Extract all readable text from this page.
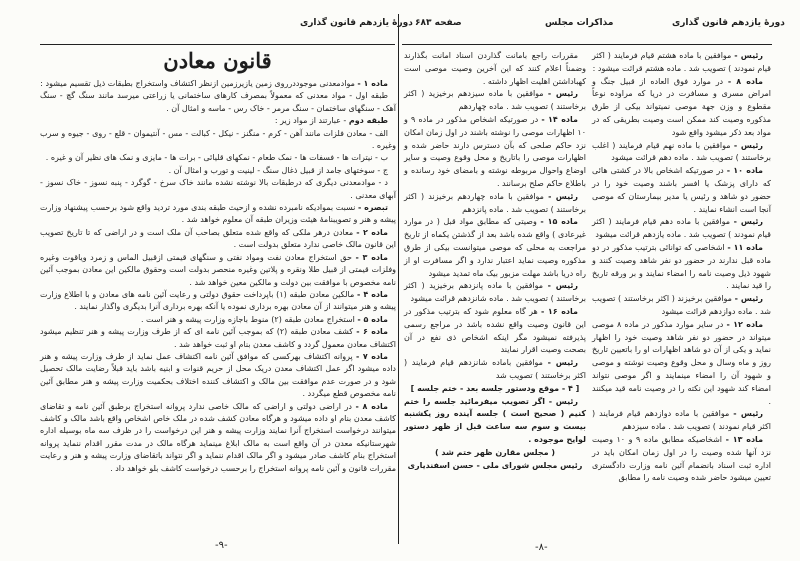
دورهٔ یازدهم قانون گذاری
قانون معادن

ماده ۱ - موادمعدنی موجوددرروی زمین یازیرزمین ازنظر اکتشاف واستخراج بطبقات ذیل تقسیم میشود :

طبقه اول - مواد معدنی که معمولاً بمصرف کارهای ساختمانی یا زراعتی میرسد مانند سنگ گچ - سنگ آهک - سنگهای ساختمان - سنگ مرمر - خاک رس - ماسه و امثال آن .

طبقه دوم - عبارتند از مواد زیر :

الف - معادن فلزات مانند آهن - کرم - منگنز - نیکل - کبالت - مس - آنتیموان - قلع - روی - جیوه و سرب وغیره .

ب - نیترات ها - فسفات ها - نمک طعام - نمکهای قلیائی - برات ها - مایزی و نمک های نظیر آن و غیره .

ج - سوختهای جامد از قبیل ذغال سنگ - لینیت و تورب و امثال آن .

د - موادمعدنی دیگری که درطبقات بالا نوشته نشده مانند خاک سرخ - گوگرد - پنبه نسوز - خاک نسوز - آبهای معدنی .

تبصره - نسبت بموادیکه نامبرده نشده و ازحیث طبقه بندی مورد تردید واقع شود برحسب پیشنهاد وزارت پیشه و هنر و تصویبنامهٔ هیئت وزیران طبقه آن معلوم خواهد شد .

ماده ۲ - معادن درهر ملکی که واقع شده متعلق بصاحب آن ملک است و در اراضی که تا تاریخ تصویب این قانون مالک خاصی ندارد متعلق بدولت است .

ماده ۳ - حق استخراج معادن نفت ومواد نفتی و سنگهای قیمتی ازقبیل الماس و زمرد ویاقوت وغیره وفلزات قیمتی از قبیل طلا ونقره و پلاتین وغیره منحصر بدولت است وحقوق مالکین این معادن بموجب آئین نامه مخصوص با موافقت بین دولت و مالکین معین خواهد شد .

ماده ۴ - مالکین معادن طبقه (۱) باپرداخت حقوق دولتی و رعایت آئین نامه های معادن و با اطلاع وزارت پیشه و هنر میتوانند از آن معادن بهره برداری نموده یا آنکه بهره برداری آنرا بدیگری واگذار نمایند .

ماده ۵ - استخراج معادن طبقه (۲) منوط باجازه وزارت پیشه و هنر است .

ماده ۶ - کشف معادن طبقه (۲) که بموجب آئین نامه ای که از طرف وزارت پیشه و هنر تنظیم میشود اکتشاف معادن معمول گردد و کاشف معدن بنام او ثبت خواهد شد .

ماده ۷ - پروانه اکتشاف بهرکسی که موافق آئین نامه اکتشاف عمل نماید از طرف وزارت پیشه و هنر داده میشود اگر عمل اکتشاف معدن دریک محل از حریم قنوات و ابنیه باشد باید قبلاً رضایت مالک تحصیل شود و در صورت عدم موافقت بین مالک و اکتشاف کننده اختلاف بحکمیت وزارت پیشه و هنر مطابق آئین نامه مخصوص قطع میگردد .

ماده ۸ - در اراضی دولتی و اراضی که مالک خاصی ندارد پروانه استخراج برطبق آئین نامه و تقاضای کاشف معدن بنام او داده میشود و هرگاه معادن کشف شده در ملک خاص اشخاص واقع باشد مالک و کاشف میتوانند درخواست استخراج آنرا نمایند وزارت پیشه و هنر این درخواست را در ظرف سه ماه بوسیله اداره شهرستانیکه معدن در آن واقع است به مالک ابلاغ مینماید هرگاه مالک در مدت مقرر اقدام ننماید پروانه استخراج بنام کاشف صادر میشود و اگر مالک اقدام ننماید و اگر نتواند باتقاضای وزارت پیشه و هنر و رعایت مقررات قانون و آئین نامه پروانه استخراج را برحسب درخواست کاشف بلو خواهد داد .

-۹-
صفحه ۶۸۳	مذاکرات مجلس	دورهٔ یازدهم قانون گذاری

رئیس - موافقین با ماده هشتم قیام فرمایند ( اکثر قیام نمودند ) تصویب شد . ماده هشتم قرائت میشود :

ماده ۸ - در موارد فوق العاده از قبیل جنگ و امراض مسری و مسافرت در دریا که مراوده نوعاً مقطوع و وزن جهة موصی نمیتواند بیکی از طرق مذکوره وصیت کند ممکن است وصیت بطریقی که در مواد بعد ذکر میشود واقع شود

رئیس - موافقین با ماده نهم قیام فرمایند ( اغلب برخاستند ) تصویب شد . ماده دهم قرائت میشود

ماده ۱۰ - در صورتیکه اشخاص بالا در کشتی هائی که دارای پزشک یا افسر باشند وصیت خود را در حضور دو شاهد و رئیس یا مدیر بیمارستان که موصی آنجا است انشاء نمایند .

رئیس - موافقین با ماده دهم قیام فرمایند ( اکثر قیام نمودند ) تصویب شد . ماده یازدهم قرائت میشود

ماده ۱۱ - اشخاصی که توانائی بترتیب مذکور در دو ماده قبل ندارند در حضور دو نفر شاهد وصیت کنند و شهود ذیل وصیت نامه را امضاء نمایند و بر ورقه تاریخ را قید نمایند .

رئیس - موافقین برخیزند ( اکثر برخاستند ) تصویب شد . ماده دوازدهم قرائت میشود

ماده ۱۲ - در سایر موارد مذکور در ماده ۸ موصی میتواند در حضور دو نفر شاهد وصیت خود را اظهار نماید و یکی از آن دو شاهد اظهارات او را باتعیین تاریخ روز و ماه وسال و محل وقوع وصیت نوشته و موصی و شهود آن را امضاء مینمایند و اگر موصی نتواند امضاء کند شهود این نکته را در وصیت نامه قید میکنند .

رئیس - موافقین با ماده دوازدهم قیام فرمایند ( اکثر قیام نمودند ) تصویب شد . ماده سیزدهم

ماده ۱۳ - اشخاصیکه مطابق ماده ۹ و ۱۰ وصیت نزد آنها شده وصیت را در اول زمان امکان باید در اداره ثبت اسناد بانضمام آئین نامه وزارت دادگستری تعیین میشود حاضر شده وصیت نامه را مطابق

مقررات راجع بامانت گذاردن اسناد امانت بگذارند وضمناً اعلام کنند که این آخرین وصیت موصی است کهباداشتن اهلیت اظهار داشته .

رئیس - موافقین با ماده سیزدهم برخیزید ( اکثر برخاستند ) تصویب شد . ماده چهاردهم

ماده ۱۴ - در صورتیکه اشخاص مذکور در ماده ۹ و ۱۰ اظهارات موصی را نوشته باشند در اول زمان امکان نزد حاکم صلحی که بآن دسترس دارند حاضر شده و اظهارات موصی را باتاریخ و محل وقوع وصیت و سایر اوضاع واحوال مربوطه نوشته و بامضای خود رسانده و باطلاع حاکم صلح برسانند .

رئیس - موافقین با ماده چهاردهم برخیزند ( اکثر برخاستند ) تصویب شد . ماده پانزدهم

ماده ۱۵ - وصیتی که مطابق مواد قبل ( در موارد غیرعادی ) واقع شده باشد بعد از گذشتن یکماه از تاریخ مراجعت به محلی که موصی میتوانست بیکی از طرق مذکوره وصیت نماید اعتبار ندارد و اگر مسافرت او از راه دریا باشد مهلت مزبور بیک ماه تمدید میشود

رئیس - موافقین با ماده پانزدهم برخیزید ( اکثر برخاستند ) تصویب شد . ماده شانزدهم قرائت میشود

ماده ۱۶ - هر گاه معلوم شود که بترتیب مذکور در این قانون وصیت واقع نشده باشد در مراجع رسمی پذیرفته نمیشود مگر اینکه اشخاص ذی نفع در آن بصحت وصیت اقرار نمایند

رئیس - موافقین باماده شانزدهم قیام فرمایند ( اکثر برخاستند ) تصویب شد

[ ۴ - موقع ودستور جلسه بعد - ختم جلسه ]

رئیس - اگر تصویب میفرمائید جلسه را ختم کنیم ( صحیح است ) جلسه آینده روز یکشنبه بیست و سوم سه ساعت قبل از ظهر دستور لوایح موجوده .

( مجلس مقارن ظهر ختم شد )

رئیس مجلس شورای ملی - حسن اسفندیاری

-۸-
